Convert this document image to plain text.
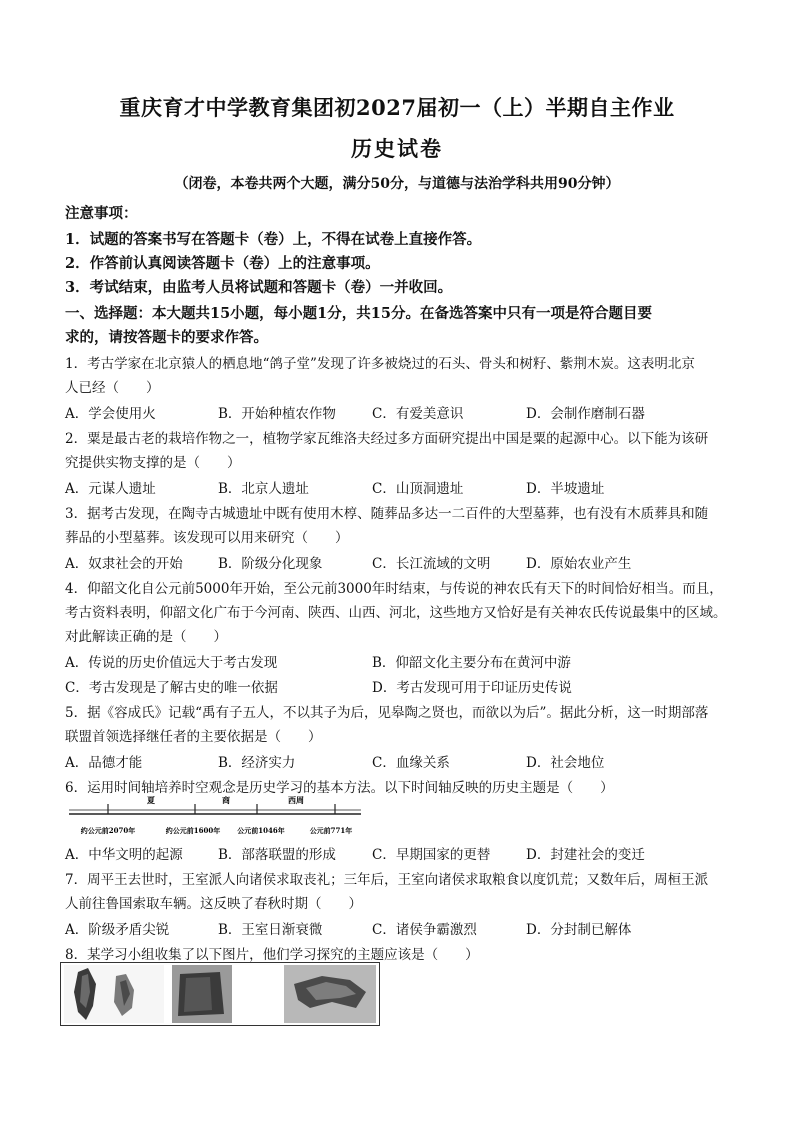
重庆育才中学教育集团初2027届初一（上）半期自主作业
历史试卷
（闭卷，本卷共两个大题，满分50分，与道德与法治学科共用90分钟）
注意事项：
1．试题的答案书写在答题卡（卷）上，不得在试卷上直接作答。
2．作答前认真阅读答题卡（卷）上的注意事项。
3．考试结束，由监考人员将试题和答题卡（卷）一并收回。
一、选择题：本大题共15小题，每小题1分，共15分。在备选答案中只有一项是符合题目要
求的，请按答题卡的要求作答。
1．考古学家在北京猿人的栖息地“鸽子堂”发现了许多被烧过的石头、骨头和树籽、紫荆木炭。这表明北京
人已经（　　）
A．学会使用火	B．开始种植农作物	C．有爱美意识	D．会制作磨制石器
2．粟是最古老的栽培作物之一，植物学家瓦维洛夫经过多方面研究提出中国是粟的起源中心。以下能为该研
究提供实物支撑的是（　　）
A．元谋人遗址	B．北京人遗址	C．山顶洞遗址	D．半坡遗址
3．据考古发现，在陶寺古城遗址中既有使用木椁、随葬品多达一二百件的大型墓葬，也有没有木质葬具和随
葬品的小型墓葬。该发现可以用来研究（　　）
A．奴隶社会的开始	B．阶级分化现象	C．长江流域的文明	D．原始农业产生
4．仰韶文化自公元前5000年开始，至公元前3000年时结束，与传说的神农氏有天下的时间恰好相当。而且，
考古资料表明，仰韶文化广布于今河南、陕西、山西、河北，这些地方又恰好是有关神农氏传说最集中的区域。
对此解读正确的是（　　）
A．传说的历史价值远大于考古发现	B．仰韶文化主要分布在黄河中游
C．考古发现是了解古史的唯一依据	D．考古发现可用于印证历史传说
5．据《容成氏》记载“禹有子五人，不以其子为后，见皋陶之贤也，而欲以为后”。据此分析，这一时期部落
联盟首领选择继任者的主要依据是（　　）
A．品德才能	B．经济实力	C．血缘关系	D．社会地位
6．运用时间轴培养时空观念是历史学习的基本方法。以下时间轴反映的历史主题是（　　）
夏	商	西周
约公元前2070年	约公元前1600年 公元前1046年	公元前771年
A．中华文明的起源	B．部落联盟的形成	C．早期国家的更替	D．封建社会的变迁
7．周平王去世时，王室派人向诸侯求取丧礼；三年后，王室向诸侯求取粮食以度饥荒；又数年后，周桓王派
人前往鲁国索取车辆。这反映了春秋时期（　　）
A．阶级矛盾尖锐	B．王室日渐衰微	C．诸侯争霸激烈	D．分封制已解体
8．某学习小组收集了以下图片，他们学习探究的主题应该是（　　）
